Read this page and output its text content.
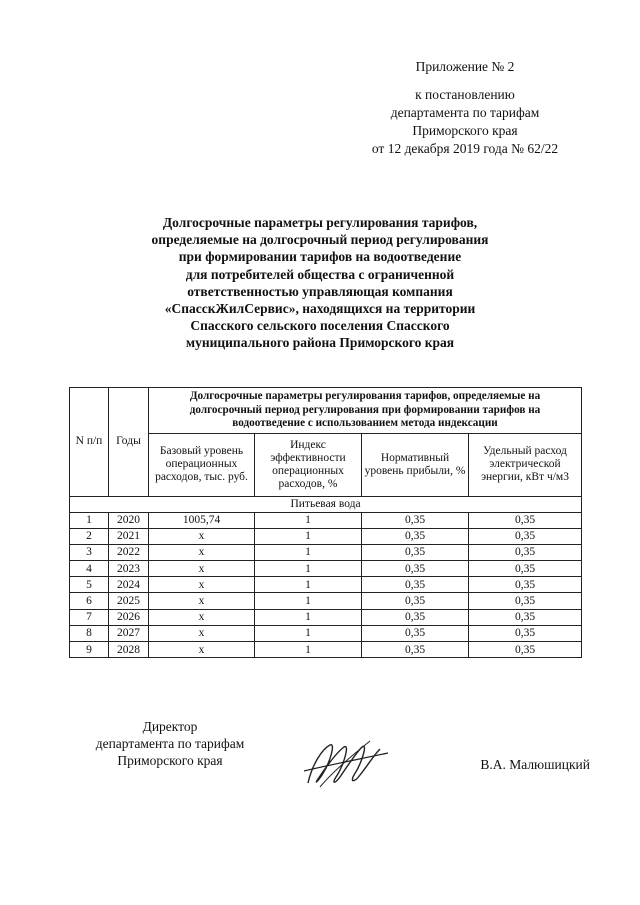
Приложение № 2
к постановлению
департамента по тарифам
Приморского края
от 12 декабря 2019 года № 62/22
Долгосрочные параметры регулирования тарифов,
определяемые на долгосрочный период регулирования
при формировании тарифов на водоотведение
для потребителей общества с ограниченной
ответственностью управляющая компания
«СпасскЖилСервис», находящихся на территории
Спасского сельского поселения Спасского
муниципального района Приморского края
N п/п	Годы	Долгосрочные параметры регулирования тарифов, определяемые на долгосрочный период регулирования при формировании тарифов на водоотведение с использованием метода индексации			
		Базовый уровень операционных расходов, тыс. руб.	Индекс эффективности операционных расходов, %	Нормативный уровень прибыли, %	Удельный расход электрической энергии, кВт ч/м3
Питьевая вода					
1	2020	1005,74	1	0,35	0,35
2	2021	х	1	0,35	0,35
3	2022	х	1	0,35	0,35
4	2023	х	1	0,35	0,35
5	2024	х	1	0,35	0,35
6	2025	х	1	0,35	0,35
7	2026	х	1	0,35	0,35
8	2027	х	1	0,35	0,35
9	2028	х	1	0,35	0,35
Директор
департамента по тарифам
Приморского края	В.А. Малюшицкий
